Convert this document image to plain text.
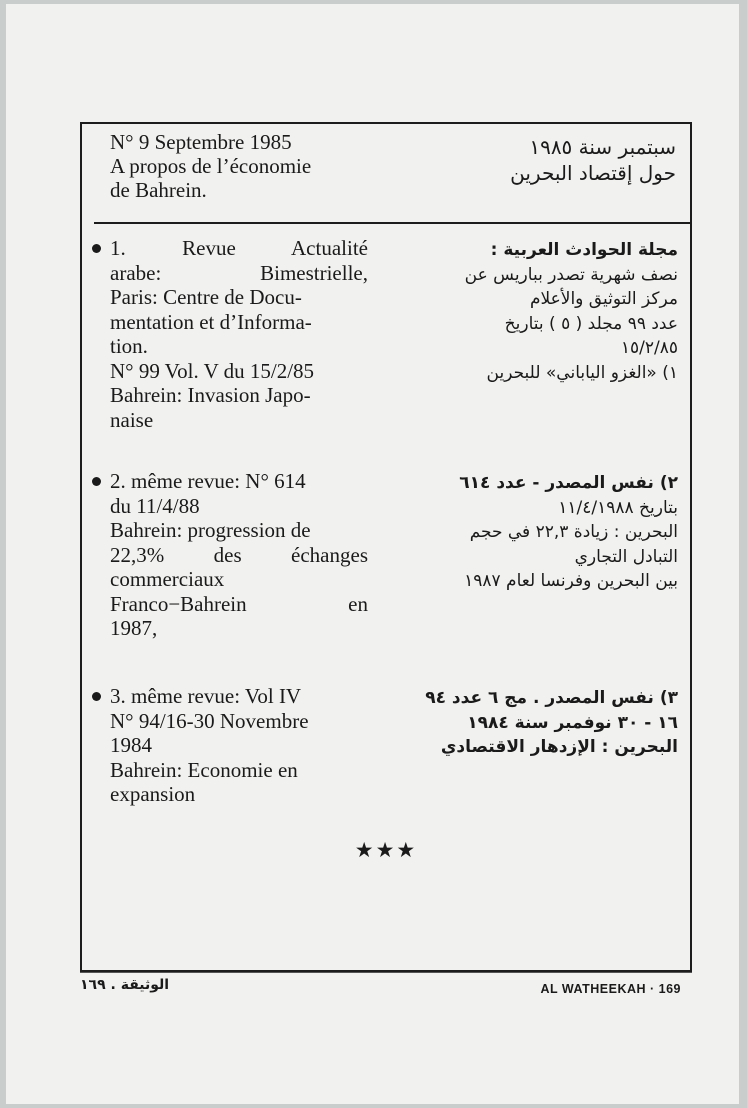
N° 9 Septembre 1985
A propos de l’économie
de Bahrein.
سبتمبر سنة ١٩٨٥
حول إقتصاد البحرين
1. Revue Actualité
arabe: Bimestrielle,
Paris: Centre de Docu-
mentation et d’Informa-
tion.
N° 99 Vol. V du 15/2/85
Bahrein: Invasion Japo-
naise
مجلة الحوادث العربية :
نصف شهرية تصدر بباريس عن
مركز التوثيق والأعلام
عدد ٩٩ مجلد ( ٥ ) بتاريخ
١٥/٢/٨٥
١) «الغزو الياباني» للبحرين
2. même revue: N° 614
du 11/4/88
Bahrein: progression de
22,3% des échanges
commerciaux
Franco−Bahrein en
1987,
٢) نفس المصدر - عدد ٦١٤
بتاريخ ١١/٤/١٩٨٨
البحرين : زيادة ٢٢,٣ في حجم
التبادل التجاري
بين البحرين وفرنسا لعام ١٩٨٧
3. même revue: Vol IV
N° 94/16-30 Novembre
1984
Bahrein: Economie en
expansion
٣) نفس المصدر . مج ٦ عدد ٩٤
١٦ - ٣٠ نوفمبر سنة ١٩٨٤
البحرين : الإزدهار الاقتصادي
★★★
الوثيقة . ١٦٩	AL WATHEEKAH · 169
